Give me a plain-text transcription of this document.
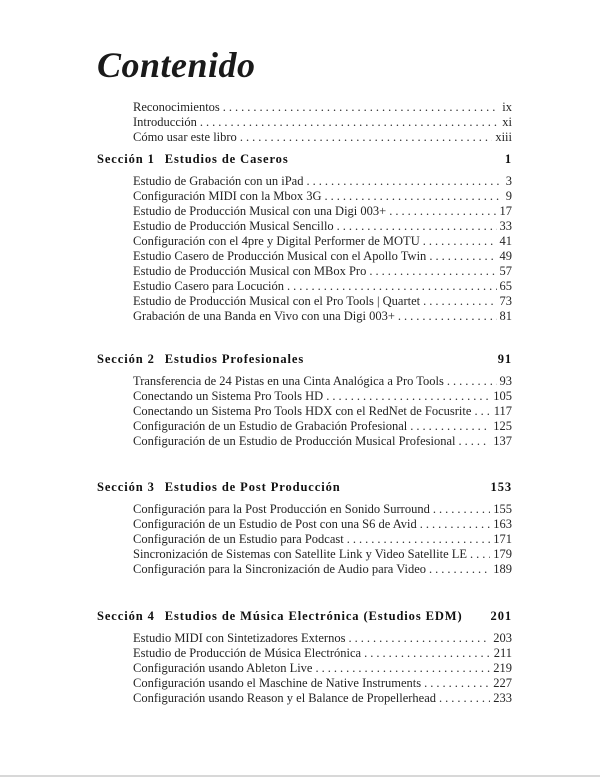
Contenido
Reconocimientos .....	ix
Introducción .....	xi
Cómo usar este libro .....	xiii
Sección 1 Estudios de Caseros	1
Estudio de Grabación con un iPad .....	3
Configuración MIDI con la Mbox 3G .....	9
Estudio de Producción Musical con una Digi 003+ .....	17
Estudio de Producción Musical Sencillo .....	33
Configuración con el 4pre y Digital Performer de MOTU .....	41
Estudio Casero de Producción Musical con el Apollo Twin .....	49
Estudio de Producción Musical con MBox Pro .....	57
Estudio Casero para Locución .....	65
Estudio de Producción Musical con el Pro Tools | Quartet .....	73
Grabación de una Banda en Vivo con una Digi 003+ .....	81
Sección 2 Estudios Profesionales	91
Transferencia de 24 Pistas en una Cinta Analógica a Pro Tools .....	93
Conectando un Sistema Pro Tools HD .....	105
Conectando un Sistema Pro Tools HDX con el RedNet de Focusrite ..... 117
Configuración de un Estudio de Grabación Profesional .....	125
Configuración de un Estudio de Producción Musical Profesional .....	137
Sección 3 Estudios de Post Producción	153
Configuración para la Post Producción en Sonido Surround .....	155
Configuración de un Estudio de Post con una S6 de Avid .....	163
Configuración de un Estudio para Podcast .....	171
Sincronización de Sistemas con Satellite Link y Video Satellite LE ..... 179
Configuración para la Sincronización de Audio para Video .....	189
Sección 4 Estudios de Música Electrónica (Estudios EDM)	201
Estudio MIDI con Sintetizadores Externos .....	203
Estudio de Producción de Música Electrónica .....	211
Configuración usando Ableton Live .....	219
Configuración usando el Maschine de Native Instruments .....	227
Configuración usando Reason y el Balance de Propellerhead .....	233
